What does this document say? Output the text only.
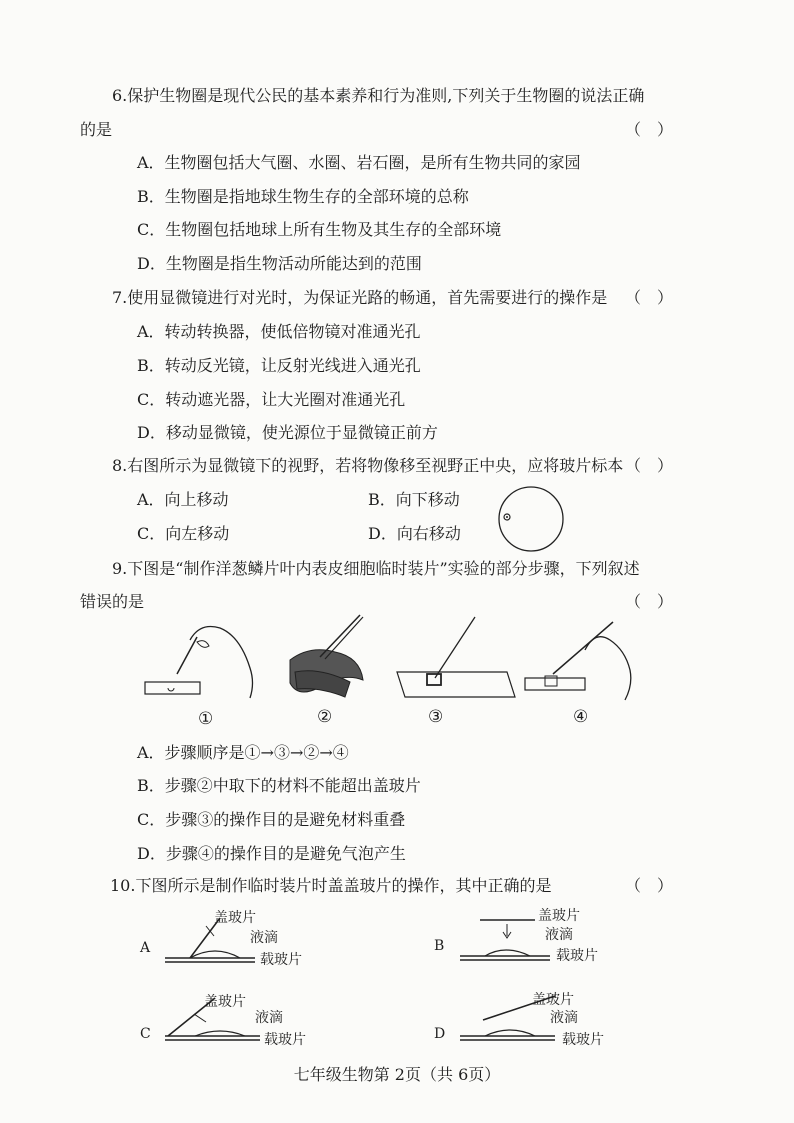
6.保护生物圈是现代公民的基本素养和行为准则,下列关于生物圈的说法正确
的是	（　）
A．生物圈包括大气圈、水圈、岩石圈，是所有生物共同的家园
B．生物圈是指地球生物生存的全部环境的总称
C．生物圈包括地球上所有生物及其生存的全部环境
D．生物圈是指生物活动所能达到的范围
7.使用显微镜进行对光时，为保证光路的畅通，首先需要进行的操作是 （　）
A．转动转换器，使低倍物镜对准通光孔
B．转动反光镜，让反射光线进入通光孔
C．转动遮光器，让大光圈对准通光孔
D．移动显微镜，使光源位于显微镜正前方
8.右图所示为显微镜下的视野，若将物像移至视野正中央，应将玻片标本 （　）
A．向上移动	B．向下移动
C．向左移动	D．向右移动
9.下图是“制作洋葱鳞片叶内表皮细胞临时装片”实验的部分步骤，下列叙述
错误的是	（　）
①	②	③	④
A．步骤顺序是①→③→②→④
B．步骤②中取下的材料不能超出盖玻片
C．步骤③的操作目的是避免材料重叠
D．步骤④的操作目的是避免气泡产生
10.下图所示是制作临时装片时盖盖玻片的操作，其中正确的是	（　）
A
盖玻片
液滴
载玻片
B
盖玻片
液滴
载玻片
C
盖玻片
液滴
载玻片	D
盖玻片
液滴
载玻片
七年级生物第 2页（共 6页）
